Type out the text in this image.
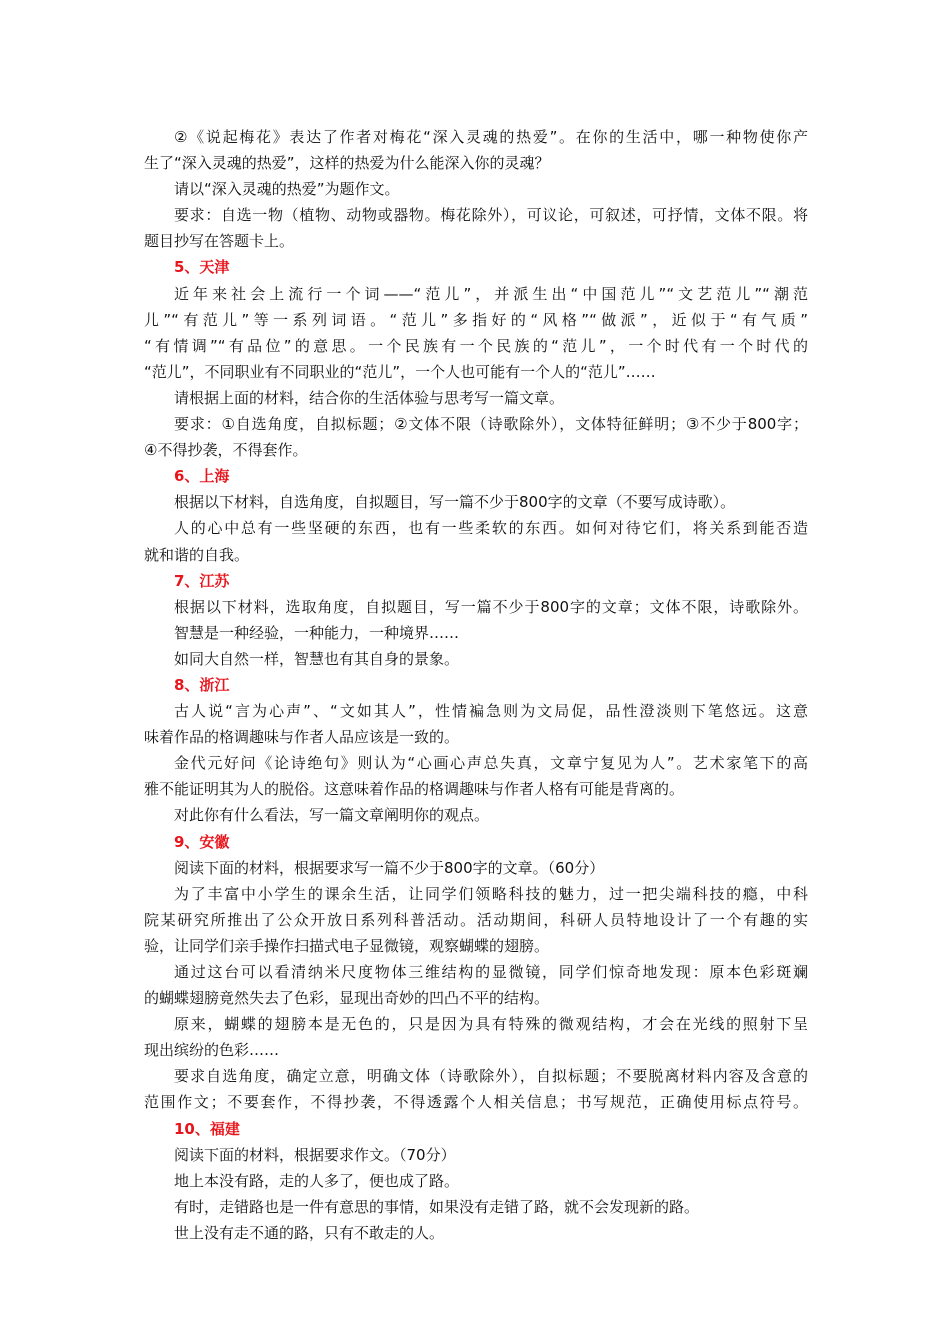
②《说起梅花》表达了作者对梅花“深入灵魂的热爱”。在你的生活中，哪一种物使你产
生了“深入灵魂的热爱”，这样的热爱为什么能深入你的灵魂？
请以“深入灵魂的热爱”为题作文。
要求：自选一物（植物、动物或器物。梅花除外），可议论，可叙述，可抒情，文体不限。将
题目抄写在答题卡上。
5、天津
近年来社会上流行一个词——“范儿”，并派生出“中国范儿”“文艺范儿”“潮范
儿”“有范儿”等一系列词语。“范儿”多指好的“风格”“做派”，近似于“有气质”
“有情调”“有品位”的意思。一个民族有一个民族的“范儿”，一个时代有一个时代的
“范儿”，不同职业有不同职业的“范儿”，一个人也可能有一个人的“范儿”……
请根据上面的材料，结合你的生活体验与思考写一篇文章。
要求：①自选角度，自拟标题；②文体不限（诗歌除外），文体特征鲜明；③不少于800字；
④不得抄袭，不得套作。
6、上海
根据以下材料，自选角度，自拟题目，写一篇不少于800字的文章（不要写成诗歌）。
人的心中总有一些坚硬的东西，也有一些柔软的东西。如何对待它们，将关系到能否造
就和谐的自我。
7、江苏
根据以下材料，选取角度，自拟题目，写一篇不少于800字的文章；文体不限，诗歌除外。
智慧是一种经验，一种能力，一种境界……
如同大自然一样，智慧也有其自身的景象。
8、浙江
古人说“言为心声”、“文如其人”，性情褊急则为文局促，品性澄淡则下笔悠远。这意
味着作品的格调趣味与作者人品应该是一致的。
金代元好问《论诗绝句》则认为“心画心声总失真，文章宁复见为人”。艺术家笔下的高
雅不能证明其为人的脱俗。这意味着作品的格调趣味与作者人格有可能是背离的。
对此你有什么看法，写一篇文章阐明你的观点。
9、安徽
阅读下面的材料，根据要求写一篇不少于800字的文章。（60分）
为了丰富中小学生的课余生活，让同学们领略科技的魅力，过一把尖端科技的瘾，中科
院某研究所推出了公众开放日系列科普活动。活动期间，科研人员特地设计了一个有趣的实
验，让同学们亲手操作扫描式电子显微镜，观察蝴蝶的翅膀。
通过这台可以看清纳米尺度物体三维结构的显微镜，同学们惊奇地发现：原本色彩斑斓
的蝴蝶翅膀竟然失去了色彩，显现出奇妙的凹凸不平的结构。
原来，蝴蝶的翅膀本是无色的，只是因为具有特殊的微观结构，才会在光线的照射下呈
现出缤纷的色彩……
要求自选角度，确定立意，明确文体（诗歌除外），自拟标题；不要脱离材料内容及含意的
范围作文；不要套作，不得抄袭，不得透露个人相关信息；书写规范，正确使用标点符号。
10、福建
阅读下面的材料，根据要求作文。（70分）
地上本没有路，走的人多了，便也成了路。
有时，走错路也是一件有意思的事情，如果没有走错了路，就不会发现新的路。
世上没有走不通的路，只有不敢走的人。
